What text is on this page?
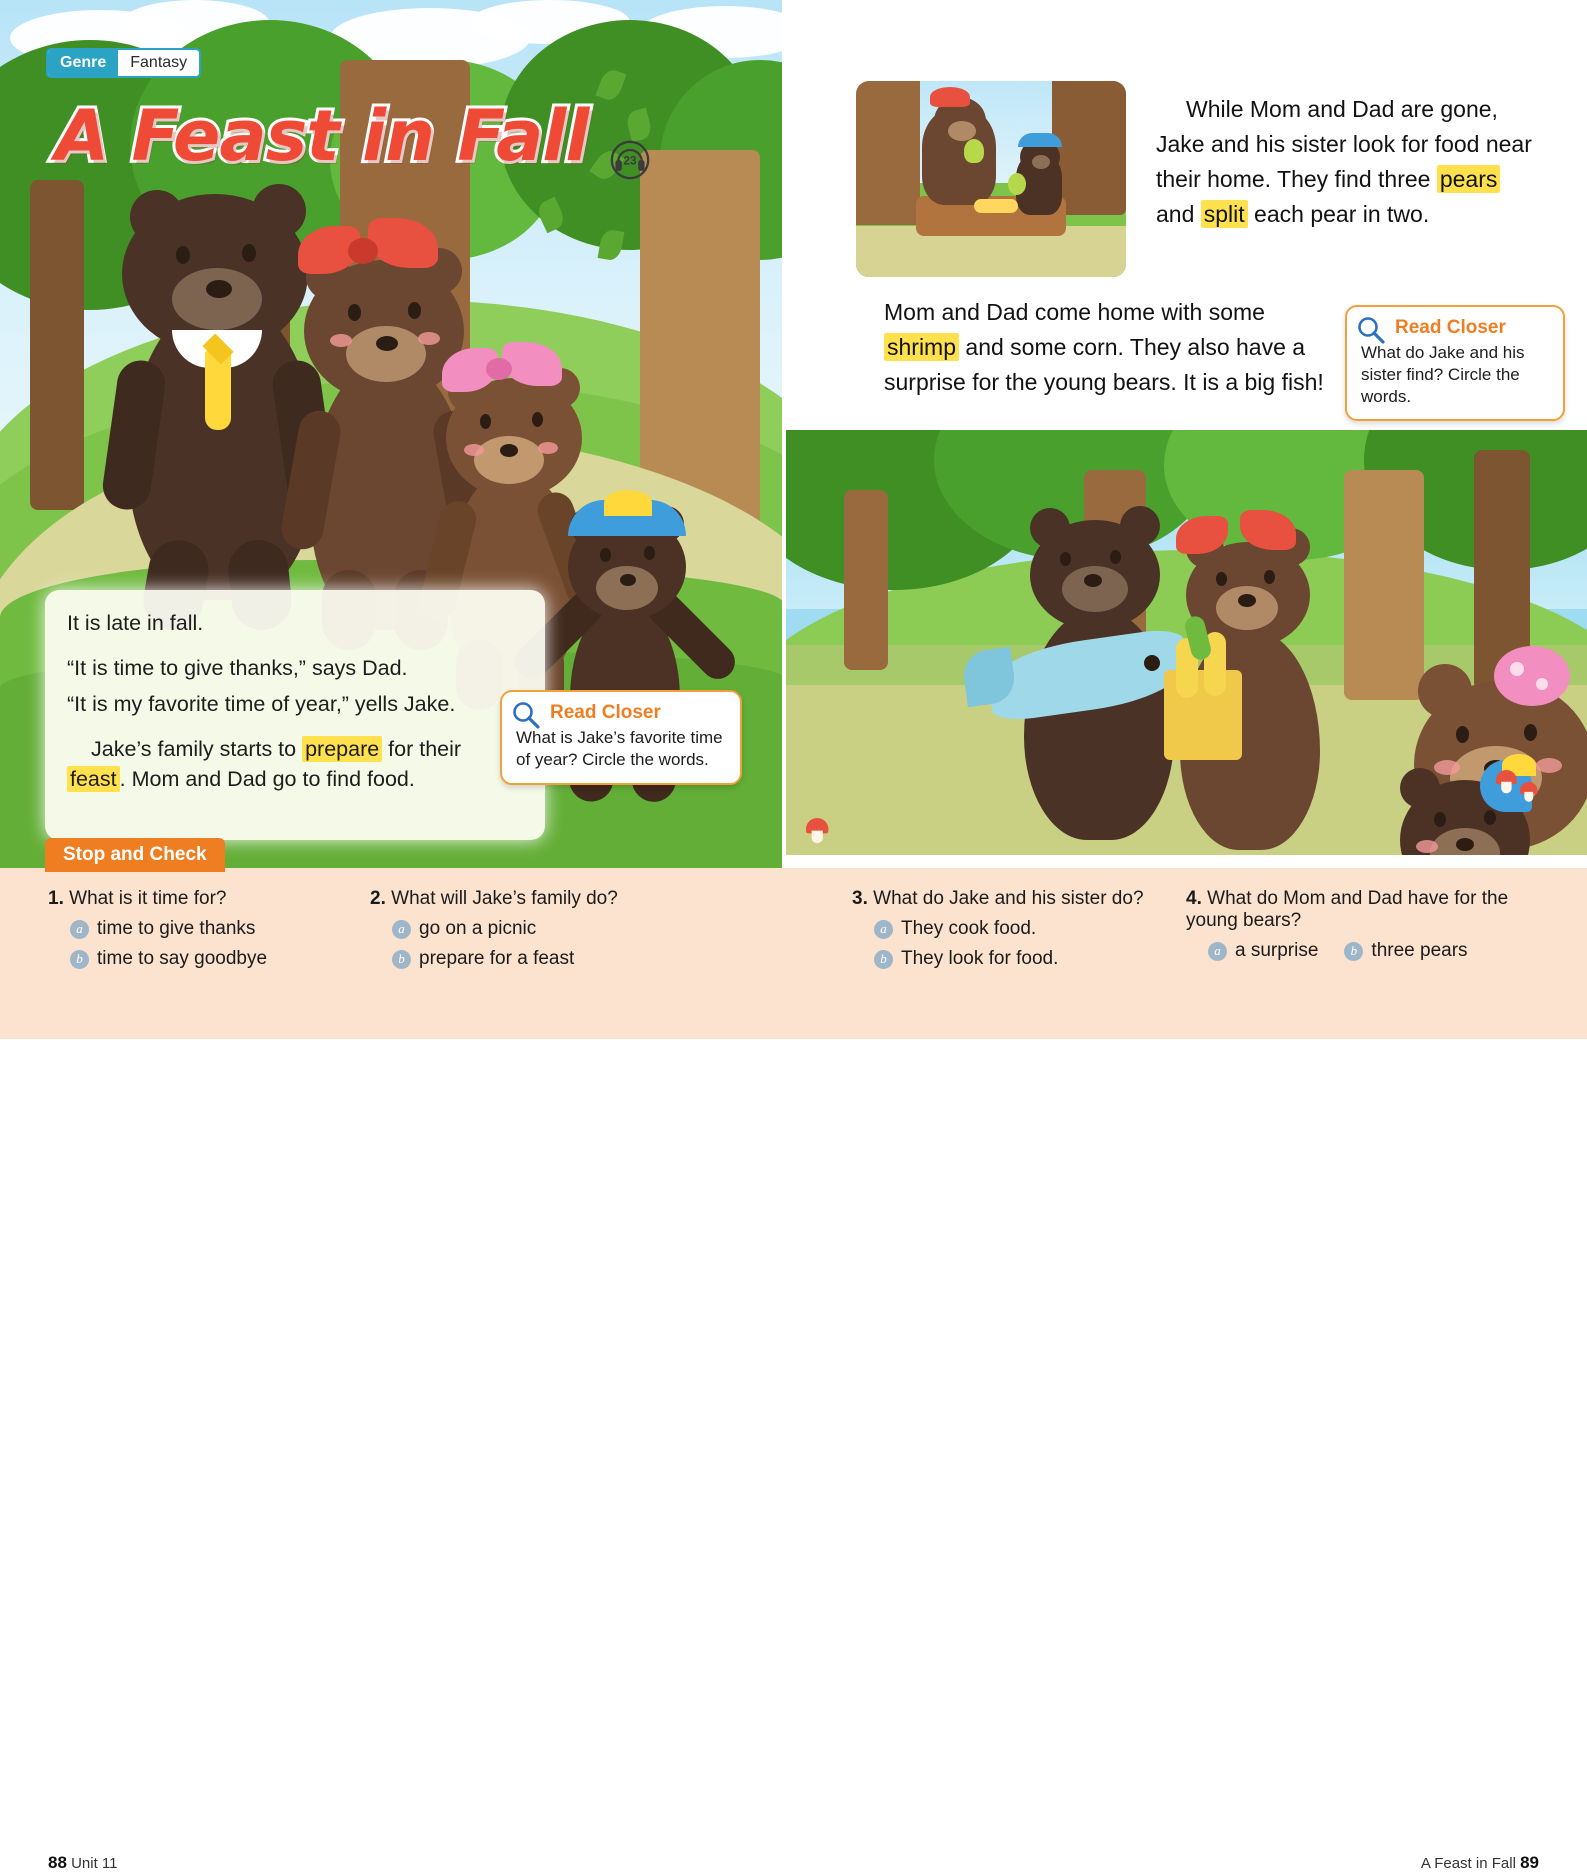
It is late in fall.

“It is time to give thanks,” says Dad.

“It is my favorite time of year,” yells Jake.

Jake’s family starts to prepare for their feast . Mom and Dad go to find food.

Genre	Fantasy
A Feast in Fall	23
Stop and Check
While Mom and Dad are gone, Jake and his sister look for food near their home. They find three pears and split each pear in two.
Mom and Dad come home with some shrimp and some corn. They also have a surprise for the young bears. It is a big fish!
Read Closer
What is Jake’s favorite time of year? Circle the words.
Read Closer
What do Jake and his sister find? Circle the words.
1. What is it time for?
a time to give thanks
b time to say goodbye
2. What will Jake’s family do?
a go on a picnic
b prepare for a feast
3. What do Jake and his sister do?
a They cook food.
b They look for food.
4. What do Mom and Dad have for the young bears?
a a surprise	b three pears
88 Unit 11	A Feast in Fall 89
